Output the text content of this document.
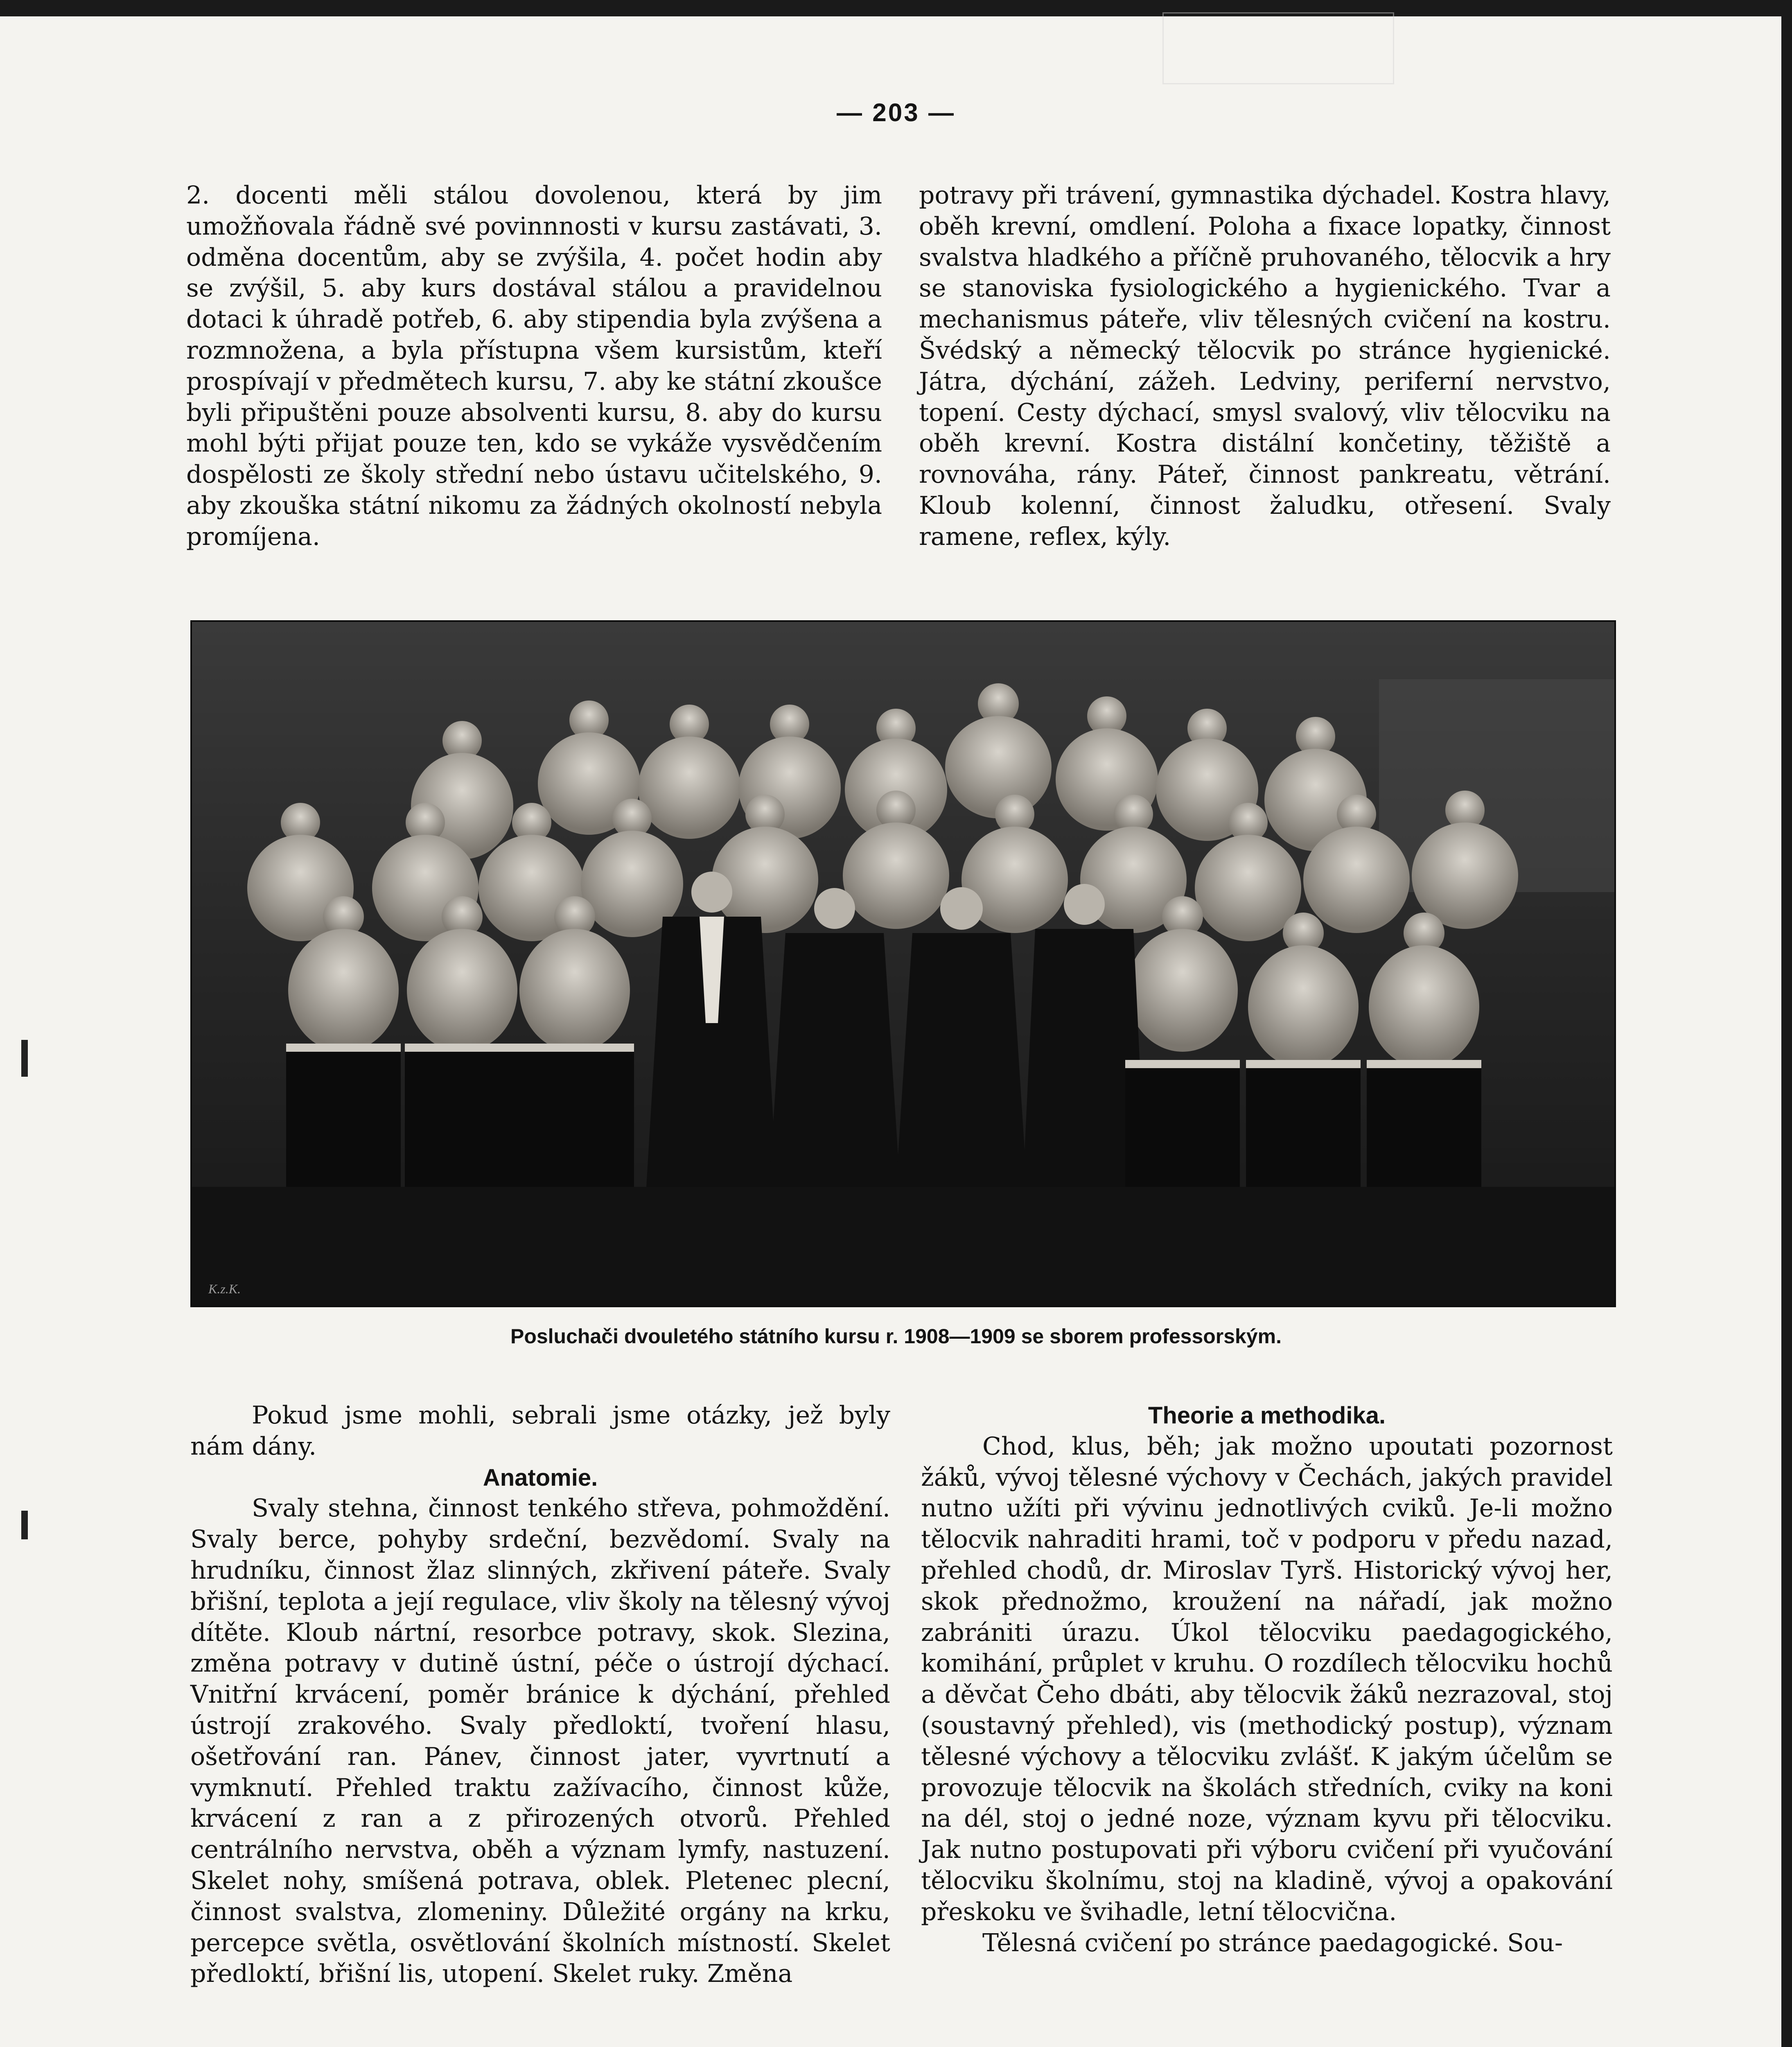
— 203 —

2. docenti měli stálou dovolenou, která by jim umožňovala řádně své povinnnosti v kursu zastávati, 3. odměna docentům, aby se zvýšila, 4. počet hodin aby se zvýšil, 5. aby kurs dostával stálou a pravidelnou dotaci k úhradě potřeb, 6. aby stipendia byla zvýšena a rozmnožena, a byla přístupna všem kursistům, kteří prospívají v předmětech kursu, 7. aby ke státní zkoušce byli připuštěni pouze absolventi kursu, 8. aby do kursu mohl býti přijat pouze ten, kdo se vykáže vysvědčením dospělosti ze školy střední nebo ústavu učitelského, 9. aby zkouška státní nikomu za žádných okolností nebyla promíjena.

potravy při trávení, gymnastika dýchadel. Kostra hlavy, oběh krevní, omdlení. Poloha a fixace lopatky, činnost svalstva hladkého a příčně pruhovaného, tělocvik a hry se stanoviska fysiologického a hygienického. Tvar a mechanismus páteře, vliv tělesných cvičení na kostru. Švédský a německý tělocvik po stránce hygienické. Játra, dýchání, zážeh. Ledviny, periferní nervstvo, topení. Cesty dýchací, smysl svalový, vliv tělocviku na oběh krevní. Kostra distální končetiny, těžiště a rovnováha, rány. Páteř, činnost pankreatu, větrání. Kloub kolenní, činnost žaludku, otřesení. Svaly ramene, reflex, kýly.

K.z.K.
Posluchači dvouletého státního kursu r. 1908—1909 se sborem professorským.

Pokud jsme mohli, sebrali jsme otázky, jež byly nám dány.

Anatomie.

Svaly stehna, činnost tenkého střeva, pohmoždění. Svaly berce, pohyby srdeční, bezvědomí. Svaly na hrudníku, činnost žlaz slinných, zkřivení páteře. Svaly břišní, teplota a její regulace, vliv školy na tělesný vývoj dítěte. Kloub nártní, resorbce potravy, skok. Slezina, změna potravy v dutině ústní, péče o ústrojí dýchací. Vnitřní krvácení, poměr bránice k dýchání, přehled ústrojí zrakového. Svaly předloktí, tvoření hlasu, ošetřování ran. Pánev, činnost jater, vyvrtnutí a vymknutí. Přehled traktu zažívacího, činnost kůže, krvácení z ran a z přirozených otvorů. Přehled centrálního nervstva, oběh a význam lymfy, nastuzení. Skelet nohy, smíšená potrava, oblek. Pletenec plecní, činnost svalstva, zlomeniny. Důležité orgány na krku, percepce světla, osvětlování školních místností. Skelet předloktí, břišní lis, utopení. Skelet ruky. Změna

Theorie a methodika.

Chod, klus, běh; jak možno upoutati pozornost žáků, vývoj tělesné výchovy v Čechách, jakých pravidel nutno užíti při vývinu jednotlivých cviků. Je-li možno tělocvik nahraditi hrami, toč v podporu v předu nazad, přehled chodů, dr. Miroslav Tyrš. Historický vývoj her, skok přednožmo, kroužení na nářadí, jak možno zabrániti úrazu. Úkol tělocviku paedagogického, komihání, průplet v kruhu. O rozdílech tělocviku hochů a děvčat Čeho dbáti, aby tělocvik žáků nezrazoval, stoj (soustavný přehled), vis (methodický postup), význam tělesné výchovy a tělocviku zvlášť. K jakým účelům se provozuje tělocvik na školách středních, cviky na koni na dél, stoj o jedné noze, význam kyvu při tělocviku. Jak nutno postupovati při výboru cvičení při vyučování tělocviku školnímu, stoj na kladině, vývoj a opakování přeskoku ve švihadle, letní tělocvična.

Tělesná cvičení po stránce paedagogické. Sou-
